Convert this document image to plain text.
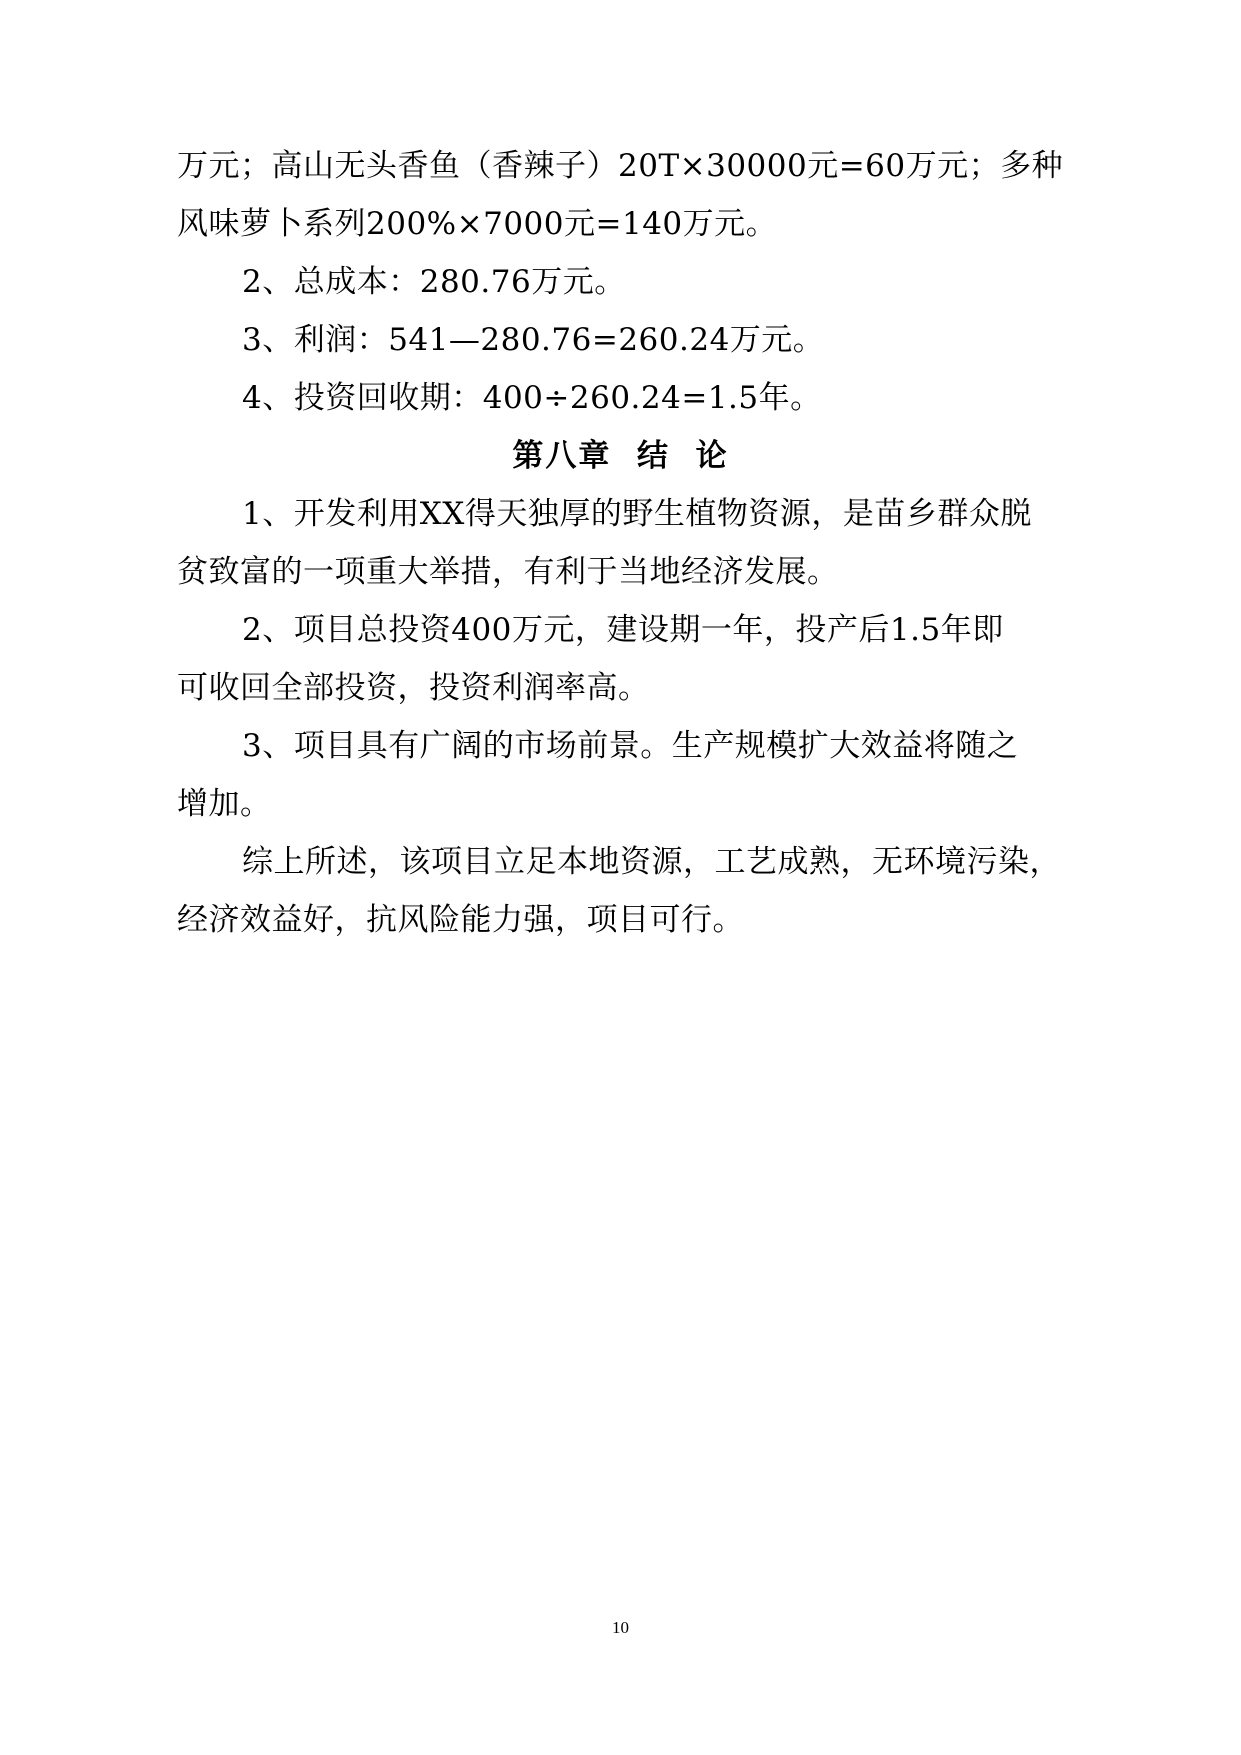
万元；高山无头香鱼（香辣子）20T×30000元=60万元；多种
风味萝卜系列200%×7000元=140万元。
2、总成本：280.76万元。
3、利润：541—280.76=260.24万元。
4、投资回收期：400÷260.24=1.5年。
第八章  结  论
1、开发利用XX得天独厚的野生植物资源，是苗乡群众脱
贫致富的一项重大举措，有利于当地经济发展。
2、项目总投资400万元，建设期一年，投产后1.5年即
可收回全部投资，投资利润率高。
3、项目具有广阔的市场前景。生产规模扩大效益将随之
增加。
综上所述，该项目立足本地资源，工艺成熟，无环境污染，
经济效益好，抗风险能力强，项目可行。
10
